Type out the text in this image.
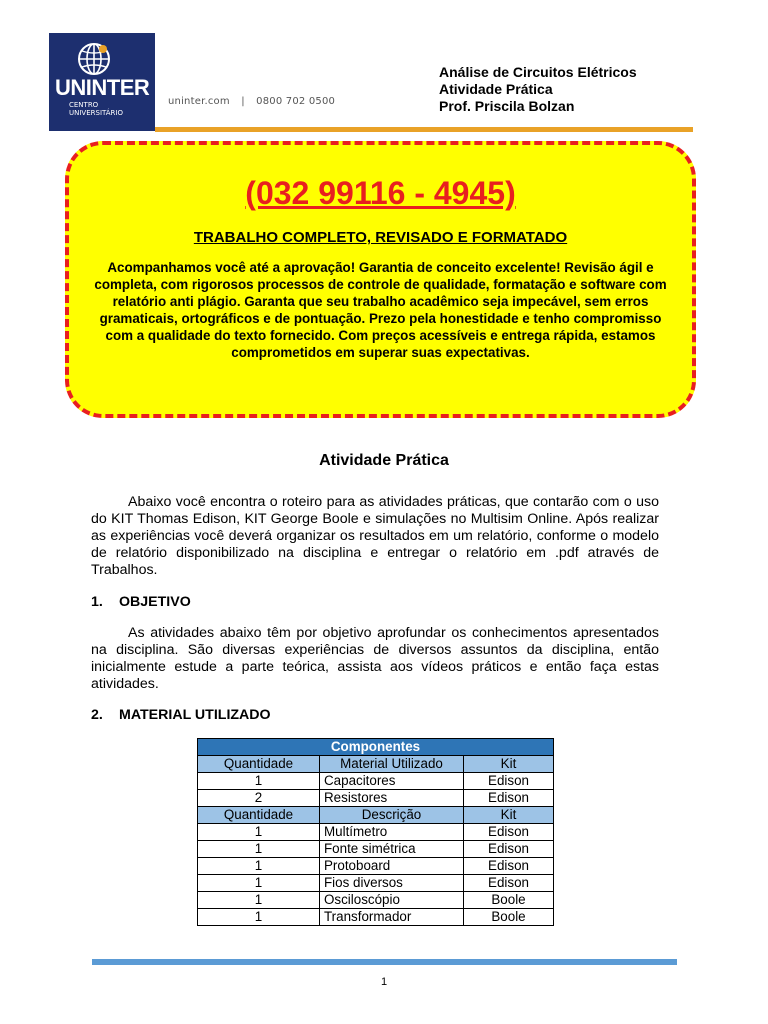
UNINTER
CENTRO
UNIVERSITÁRIO
uninter.com | 0800 702 0500
Análise de Circuitos Elétricos
Atividade Prática
Prof. Priscila Bolzan
(032 99116 - 4945)
TRABALHO COMPLETO, REVISADO E FORMATADO
Acompanhamos você até a aprovação! Garantia de conceito excelente! Revisão ágil e completa, com rigorosos processos de controle de qualidade, formatação e software com relatório anti plágio. Garanta que seu trabalho acadêmico seja impecável, sem erros gramaticais, ortográficos e de pontuação. Prezo pela honestidade e tenho compromisso com a qualidade do texto fornecido. Com preços acessíveis e entrega rápida, estamos comprometidos em superar suas expectativas.
Atividade Prática
Abaixo você encontra o roteiro para as atividades práticas, que contarão com o uso do KIT Thomas Edison, KIT George Boole e simulações no Multisim Online. Após realizar as experiências você deverá organizar os resultados em um relatório, conforme o modelo de relatório disponibilizado na disciplina e entregar o relatório em .pdf através de Trabalhos.
1. OBJETIVO
As atividades abaixo têm por objetivo aprofundar os conhecimentos apresentados na disciplina. São diversas experiências de diversos assuntos da disciplina, então inicialmente estude a parte teórica, assista aos vídeos práticos e então faça estas atividades.
2. MATERIAL UTILIZADO
Componentes		
Quantidade	Material Utilizado	Kit
1	Capacitores	Edison
2	Resistores	Edison
Quantidade	Descrição	Kit
1	Multímetro	Edison
1	Fonte simétrica	Edison
1	Protoboard	Edison
1	Fios diversos	Edison
1	Osciloscópio	Boole
1	Transformador	Boole
1
